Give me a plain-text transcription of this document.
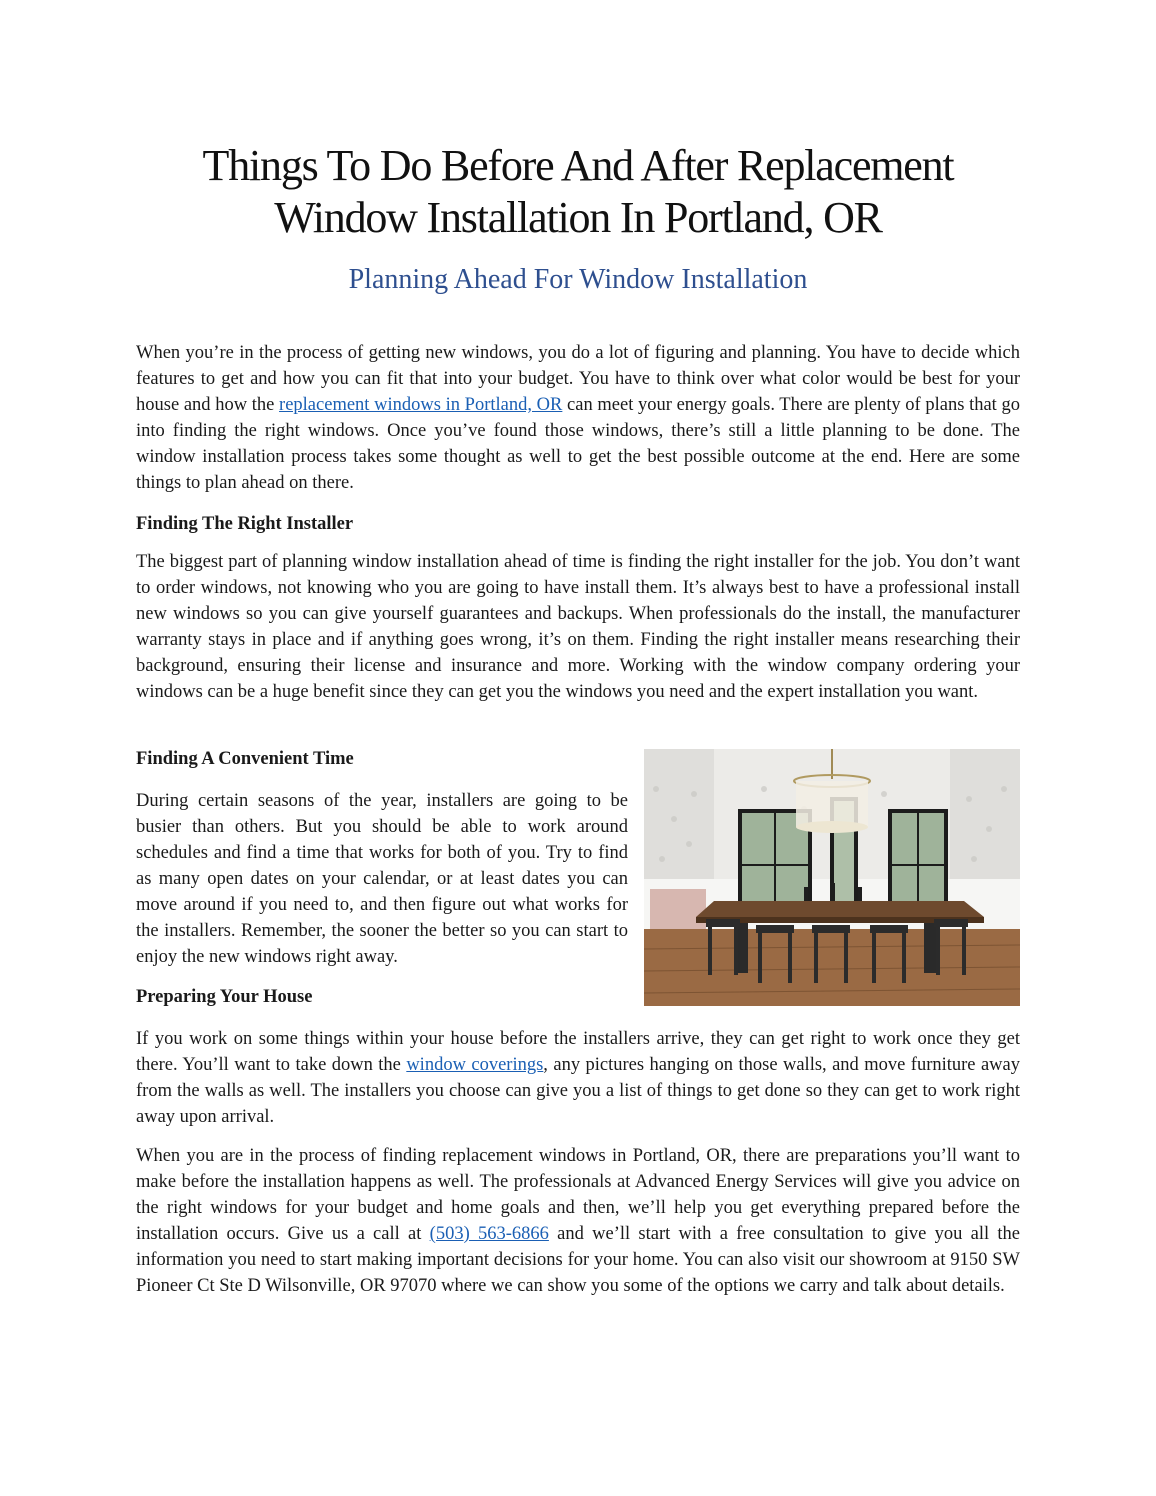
Things To Do Before And After Replacement
Window Installation In Portland, OR
Planning Ahead For Window Installation

When you’re in the process of getting new windows, you do a lot of figuring and planning. You have to decide which features to get and how you can fit that into your budget. You have to think over what color would be best for your house and how the replacement windows in Portland, OR can meet your energy goals. There are plenty of plans that go into finding the right windows. Once you’ve found those windows, there’s still a little planning to be done. The window installation process takes some thought as well to get the best possible outcome at the end. Here are some things to plan ahead on there.

Finding The Right Installer

The biggest part of planning window installation ahead of time is finding the right installer for the job. You don’t want to order windows, not knowing who you are going to have install them. It’s always best to have a professional install new windows so you can give yourself guarantees and backups. When professionals do the install, the manufacturer warranty stays in place and if anything goes wrong, it’s on them. Finding the right installer means researching their background, ensuring their license and insurance and more. Working with the window company ordering your windows can be a huge benefit since they can get you the windows you need and the expert installation you want.

Finding A Convenient Time

During certain seasons of the year, installers are going to be busier than others. But you should be able to work around schedules and find a time that works for both of you. Try to find as many open dates on your calendar, or at least dates you can move around if you need to, and then figure out what works for the installers. Remember, the sooner the better so you can start to enjoy the new windows right away.

Preparing Your House

If you work on some things within your house before the installers arrive, they can get right to work once they get there. You’ll want to take down the window coverings, any pictures hanging on those walls, and move furniture away from the walls as well. The installers you choose can give you a list of things to get done so they can get to work right away upon arrival.

When you are in the process of finding replacement windows in Portland, OR, there are preparations you’ll want to make before the installation happens as well. The professionals at Advanced Energy Services will give you advice on the right windows for your budget and home goals and then, we’ll help you get everything prepared before the installation occurs. Give us a call at (503) 563-6866 and we’ll start with a free consultation to give you all the information you need to start making important decisions for your home. You can also visit our showroom at 9150 SW Pioneer Ct Ste D Wilsonville, OR 97070 where we can show you some of the options we carry and talk about details.
